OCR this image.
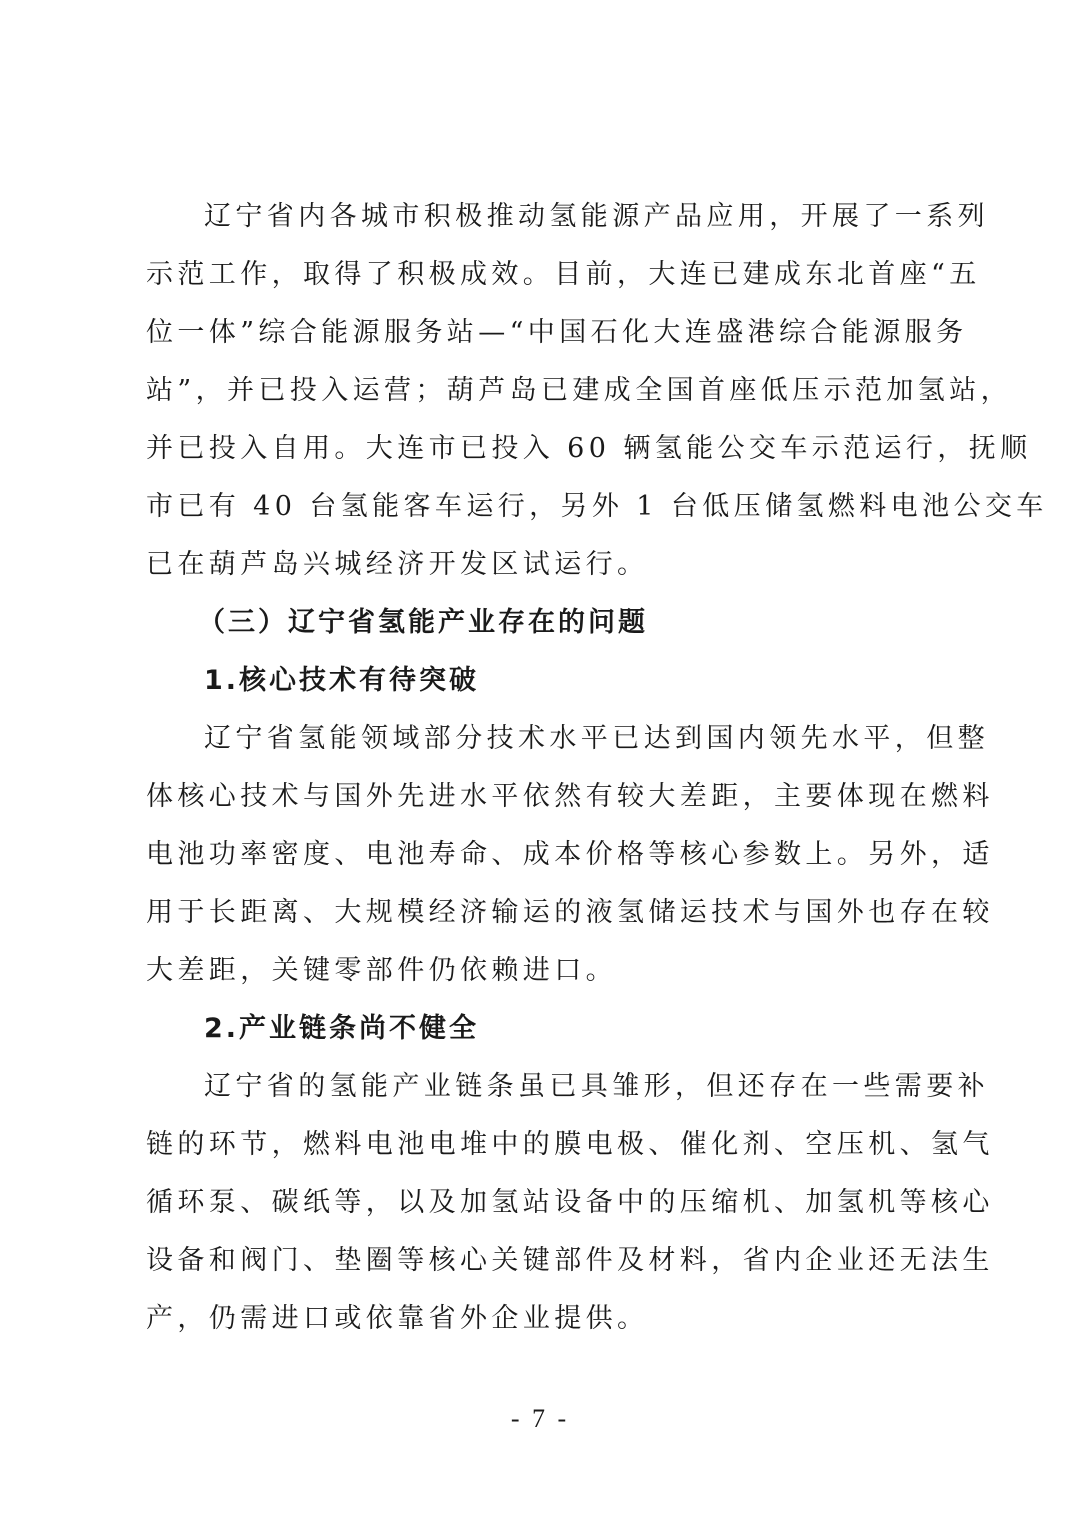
辽宁省内各城市积极推动氢能源产品应用，开展了一系列
示范工作，取得了积极成效。目前，大连已建成东北首座“五
位一体”综合能源服务站—“中国石化大连盛港综合能源服务
站”，并已投入运营；葫芦岛已建成全国首座低压示范加氢站，
并已投入自用。大连市已投入 60 辆氢能公交车示范运行，抚顺
市已有 40 台氢能客车运行，另外 1 台低压储氢燃料电池公交车
已在葫芦岛兴城经济开发区试运行。
（三）辽宁省氢能产业存在的问题
1.核心技术有待突破
辽宁省氢能领域部分技术水平已达到国内领先水平，但整
体核心技术与国外先进水平依然有较大差距，主要体现在燃料
电池功率密度、电池寿命、成本价格等核心参数上。另外，适
用于长距离、大规模经济输运的液氢储运技术与国外也存在较
大差距，关键零部件仍依赖进口。
2.产业链条尚不健全
辽宁省的氢能产业链条虽已具雏形，但还存在一些需要补
链的环节，燃料电池电堆中的膜电极、催化剂、空压机、氢气
循环泵、碳纸等，以及加氢站设备中的压缩机、加氢机等核心
设备和阀门、垫圈等核心关键部件及材料，省内企业还无法生
产，仍需进口或依靠省外企业提供。
- 7 -
